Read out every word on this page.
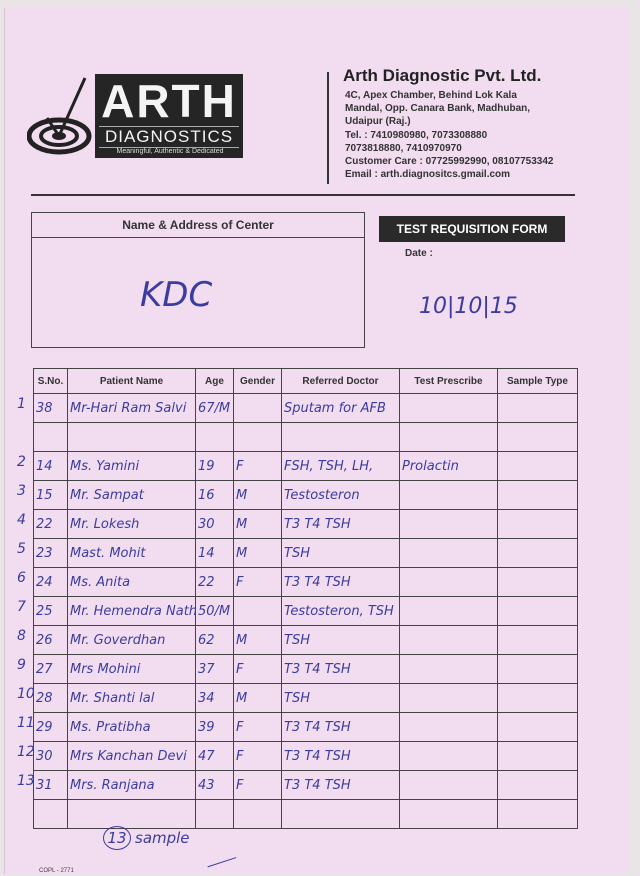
ARTH
DIAGNOSTICS
Meaningful, Authentic & Dedicated
Arth Diagnostic Pvt. Ltd.
4C, Apex Chamber, Behind Lok Kala
Mandal, Opp. Canara Bank, Madhuban,
Udaipur (Raj.)
Tel. : 7410980980, 7073308880
7073818880, 7410970970
Customer Care : 07725992990, 08107753342
Email : arth.diagnositcs.gmail.com
Name & Address of Center
KDC
TEST REQUISITION FORM
Date :
10|10|15
S.No.	Patient Name	Age	Gender	Referred Doctor	Test Prescribe	Sample Type
38	Mr-Hari Ram Salvi	67/M		Sputam for AFB		

14	Ms. Yamini	19	F	FSH, TSH, LH,	Prolactin	
15	Mr. Sampat	16	M	Testosteron		
22	Mr. Lokesh	30	M	T3 T4 TSH		
23	Mast. Mohit	14	M	TSH		
24	Ms. Anita	22	F	T3 T4 TSH		
25	Mr. Hemendra Nath	50/M		Testosteron, TSH		
26	Mr. Goverdhan	62	M	TSH		
27	Mrs Mohini	37	F	T3 T4 TSH		
28	Mr. Shanti lal	34	M	TSH		
29	Ms. Pratibha	39	F	T3 T4 TSH		
30	Mrs Kanchan Devi	47	F	T3 T4 TSH		
31	Mrs. Ranjana	43	F	T3 T4 TSH		

13 sample
COPL - 2771
1
2
3
4
5
6
7
8
9
10
11
12
13
